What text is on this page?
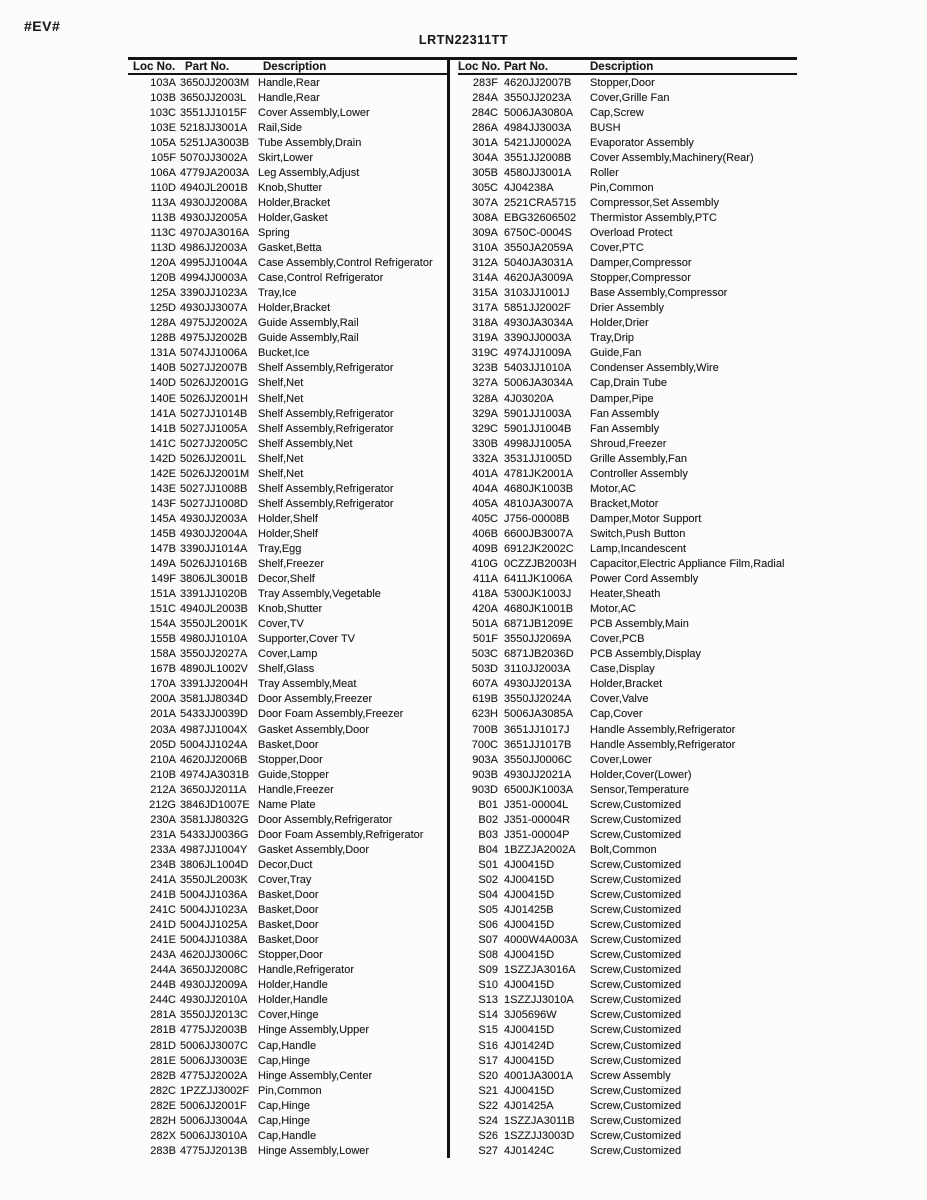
#EV#
LRTN22311TT
Loc No. Part No.	Description
103A 3650JJ2003M Handle,Rear
103B 3650JJ2003L	Handle,Rear
103C 3551JJ1015F	Cover Assembly,Lower
103E 5218JJ3001A Rail,Side
105A 5251JA3003B Tube Assembly,Drain
105F 5070JJ3002A Skirt,Lower
106A 4779JA2003A Leg Assembly,Adjust
110D 4940JL2001B Knob,Shutter
113A 4930JJ2008A Holder,Bracket
113B 4930JJ2005A Holder,Gasket
113C 4970JA3016A Spring
113D 4986JJ2003A Gasket,Betta
120A 4995JJ1004A Case Assembly,Control Refrigerator
120B 4994JJ0003A Case,Control Refrigerator
125A 3390JJ1023A Tray,Ice
125D 4930JJ3007A Holder,Bracket
128A 4975JJ2002A Guide Assembly,Rail
128B 4975JJ2002B Guide Assembly,Rail
131A 5074JJ1006A Bucket,Ice
140B 5027JJ2007B Shelf Assembly,Refrigerator
140D 5026JJ2001G Shelf,Net
140E 5026JJ2001H Shelf,Net
141A 5027JJ1014B Shelf Assembly,Refrigerator
141B 5027JJ1005A Shelf Assembly,Refrigerator
141C 5027JJ2005C Shelf Assembly,Net
142D 5026JJ2001L	Shelf,Net
142E 5026JJ2001M Shelf,Net
143E 5027JJ1008B Shelf Assembly,Refrigerator
143F 5027JJ1008D Shelf Assembly,Refrigerator
145A 4930JJ2003A Holder,Shelf
145B 4930JJ2004A Holder,Shelf
147B 3390JJ1014A Tray,Egg
149A 5026JJ1016B Shelf,Freezer
149F 3806JL3001B Decor,Shelf
151A 3391JJ1020B Tray Assembly,Vegetable
151C 4940JL2003B Knob,Shutter
154A 3550JL2001K Cover,TV
155B 4980JJ1010A Supporter,Cover TV
158A 3550JJ2027A Cover,Lamp
167B 4890JL1002V Shelf,Glass
170A 3391JJ2004H Tray Assembly,Meat
200A 3581JJ8034D Door Assembly,Freezer
201A 5433JJ0039D Door Foam Assembly,Freezer
203A 4987JJ1004X Gasket Assembly,Door
205D 5004JJ1024A Basket,Door
210A 4620JJ2006B Stopper,Door
210B 4974JA3031B Guide,Stopper
212A 3650JJ2011A	Handle,Freezer
212G 3846JD1007E Name Plate
230A 3581JJ8032G Door Assembly,Refrigerator
231A 5433JJ0036G Door Foam Assembly,Refrigerator
233A 4987JJ1004Y Gasket Assembly,Door
234B 3806JL1004D Decor,Duct
241A 3550JL2003K Cover,Tray
241B 5004JJ1036A Basket,Door
241C 5004JJ1023A Basket,Door
241D 5004JJ1025A Basket,Door
241E 5004JJ1038A Basket,Door
243A 4620JJ3006C Stopper,Door
244A 3650JJ2008C Handle,Refrigerator
244B 4930JJ2009A Holder,Handle
244C 4930JJ2010A Holder,Handle
281A 3550JJ2013C Cover,Hinge
281B 4775JJ2003B Hinge Assembly,Upper
281D 5006JJ3007C Cap,Handle
281E 5006JJ3003E Cap,Hinge
282B 4775JJ2002A Hinge Assembly,Center
282C 1PZZJJ3002F Pin,Common
282E 5006JJ2001F	Cap,Hinge
282H 5006JJ3004A Cap,Hinge
282X 5006JJ3010A Cap,Handle
283B 4775JJ2013B Hinge Assembly,Lower
Loc No. Part No.	Description
283F 4620JJ2007B	Stopper,Door
284A 3550JJ2023A	Cover,Grille Fan
284C 5006JA3080A	Cap,Screw
286A 4984JJ3003A	BUSH
301A 5421JJ0002A	Evaporator Assembly
304A 3551JJ2008B	Cover Assembly,Machinery(Rear)
305B 4580JJ3001A	Roller
305C 4J04238A	Pin,Common
307A 2521CRA5715	Compressor,Set Assembly
308A EBG32606502	Thermistor Assembly,PTC
309A 6750C-0004S	Overload Protect
310A 3550JA2059A	Cover,PTC
312A 5040JA3031A	Damper,Compressor
314A 4620JA3009A	Stopper,Compressor
315A 3103JJ1001J	Base Assembly,Compressor
317A 5851JJ2002F	Drier Assembly
318A 4930JA3034A	Holder,Drier
319A 3390JJ0003A	Tray,Drip
319C 4974JJ1009A	Guide,Fan
323B 5403JJ1010A	Condenser Assembly,Wire
327A 5006JA3034A	Cap,Drain Tube
328A 4J03020A	Damper,Pipe
329A 5901JJ1003A	Fan Assembly
329C 5901JJ1004B	Fan Assembly
330B 4998JJ1005A	Shroud,Freezer
332A 3531JJ1005D	Grille Assembly,Fan
401A 4781JK2001A	Controller Assembly
404A 4680JK1003B	Motor,AC
405A 4810JA3007A	Bracket,Motor
405C J756-00008B	Damper,Motor Support
406B 6600JB3007A	Switch,Push Button
409B 6912JK2002C	Lamp,Incandescent
410G 0CZZJB2003H	Capacitor,Electric Appliance Film,Radial
411A 6411JK1006A	Power Cord Assembly
418A 5300JK1003J	Heater,Sheath
420A 4680JK1001B	Motor,AC
501A 6871JB1209E	PCB Assembly,Main
501F 3550JJ2069A	Cover,PCB
503C 6871JB2036D	PCB Assembly,Display
503D 3110JJ2003A	Case,Display
607A 4930JJ2013A	Holder,Bracket
619B 3550JJ2024A	Cover,Valve
623H 5006JA3085A	Cap,Cover
700B 3651JJ1017J	Handle Assembly,Refrigerator
700C 3651JJ1017B	Handle Assembly,Refrigerator
903A 3550JJ0006C	Cover,Lower
903B 4930JJ2021A	Holder,Cover(Lower)
903D 6500JK1003A	Sensor,Temperature
B01 J351-00004L	Screw,Customized
B02 J351-00004R	Screw,Customized
B03 J351-00004P	Screw,Customized
B04 1BZZJA2002A	Bolt,Common
S01 4J00415D	Screw,Customized
S02 4J00415D	Screw,Customized
S04 4J00415D	Screw,Customized
S05 4J01425B	Screw,Customized
S06 4J00415D	Screw,Customized
S07 4000W4A003A	Screw,Customized
S08 4J00415D	Screw,Customized
S09 1SZZJA3016A	Screw,Customized
S10 4J00415D	Screw,Customized
S13 1SZZJJ3010A	Screw,Customized
S14 3J05696W	Screw,Customized
S15 4J00415D	Screw,Customized
S16 4J01424D	Screw,Customized
S17 4J00415D	Screw,Customized
S20 4001JA3001A	Screw Assembly
S21 4J00415D	Screw,Customized
S22 4J01425A	Screw,Customized
S24 1SZZJA3011B	Screw,Customized
S26 1SZZJJ3003D	Screw,Customized
S27 4J01424C	Screw,Customized
